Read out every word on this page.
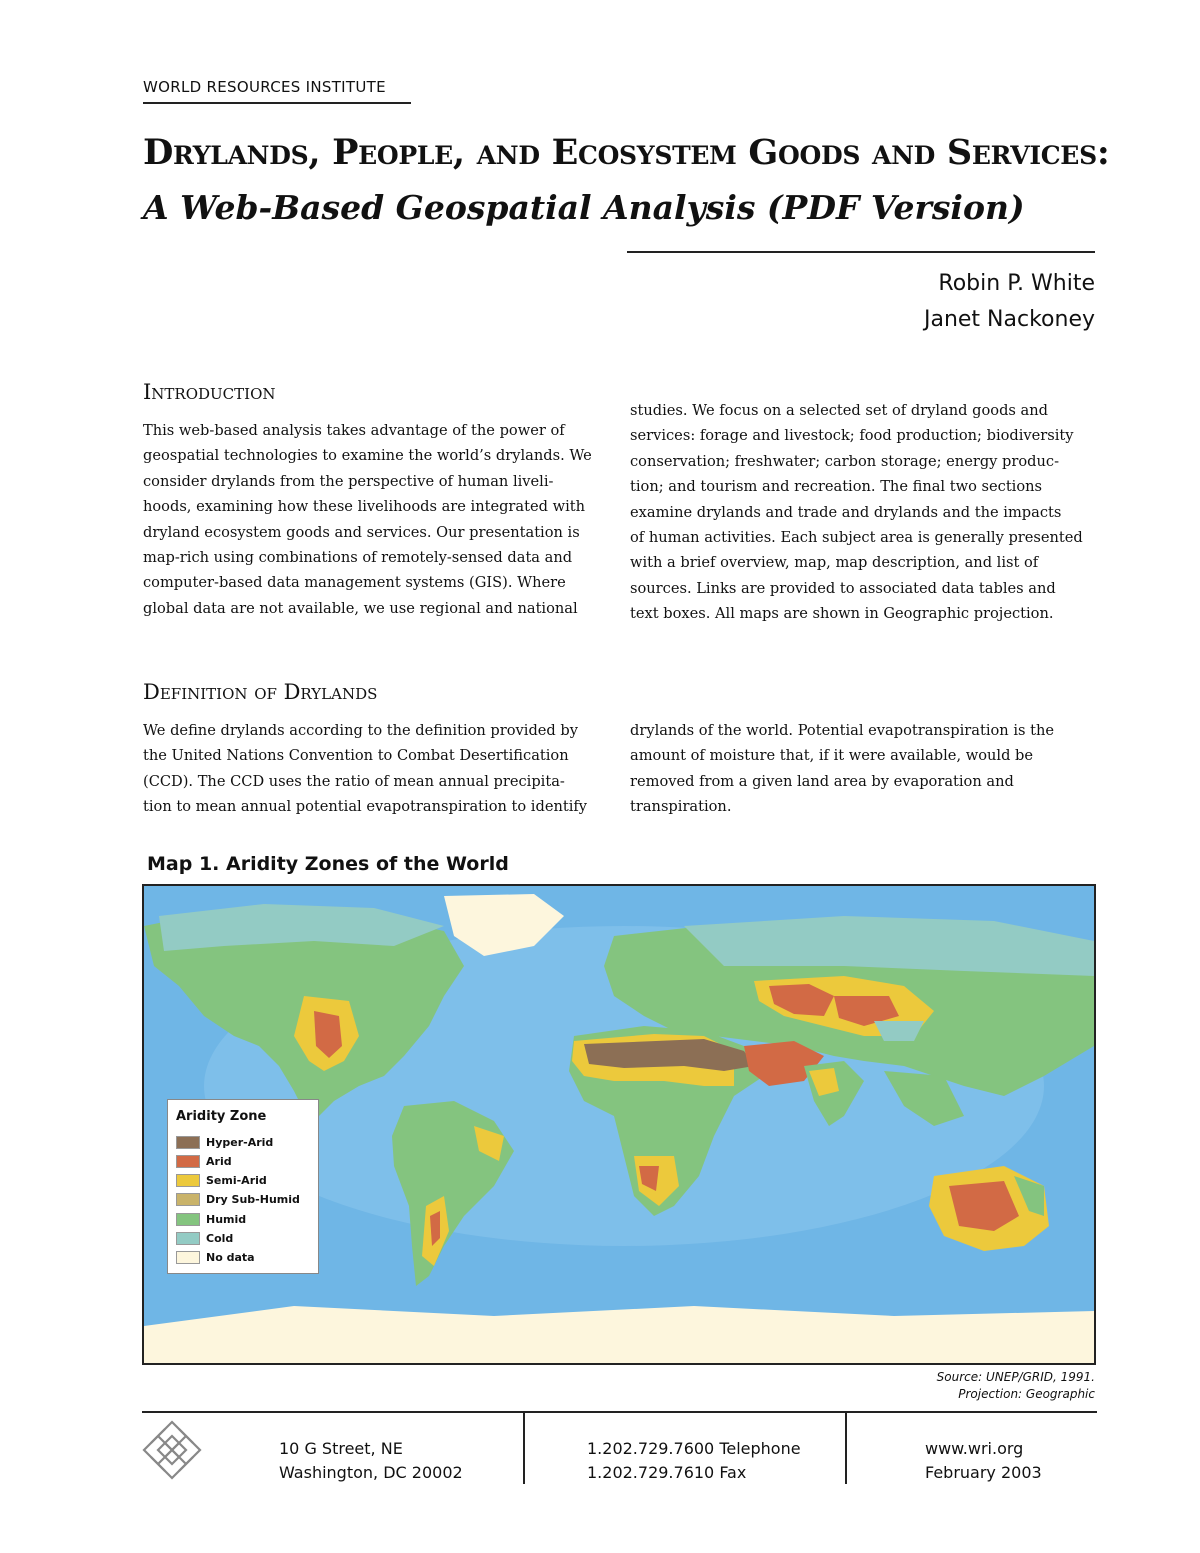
WORLD RESOURCES INSTITUTE
Drylands, People, and Ecosystem Goods and Services:
A Web-Based Geospatial Analysis (PDF Version)
Robin P. White
Janet Nackoney
Introduction
This web-based analysis takes advantage of the power of
geospatial technologies to examine the world’s drylands. We
consider drylands from the perspective of human liveli-
hoods, examining how these livelihoods are integrated with
dryland ecosystem goods and services. Our presentation is
map-rich using combinations of remotely-sensed data and
computer-based data management systems (GIS). Where
global data are not available, we use regional and national
studies. We focus on a selected set of dryland goods and
services: forage and livestock; food production; biodiversity
conservation; freshwater; carbon storage; energy produc-
tion; and tourism and recreation. The final two sections
examine drylands and trade and drylands and the impacts
of human activities. Each subject area is generally presented
with a brief overview, map, map description, and list of
sources. Links are provided to associated data tables and
text boxes. All maps are shown in Geographic projection.
Definition of Drylands
We define drylands according to the definition provided by
the United Nations Convention to Combat Desertification
(CCD). The CCD uses the ratio of mean annual precipita-
tion to mean annual potential evapotranspiration to identify
drylands of the world. Potential evapotranspiration is the
amount of moisture that, if it were available, would be
removed from a given land area by evaporation and
transpiration.
Map 1. Aridity Zones of the World
Aridity Zone
Hyper-Arid
Arid
Semi-Arid
Dry Sub-Humid
Humid
Cold
No data
Source: UNEP/GRID, 1991.
Projection: Geographic
10 G Street, NE
Washington, DC 20002
1.202.729.7600 Telephone
1.202.729.7610 Fax
www.wri.org
February 2003
